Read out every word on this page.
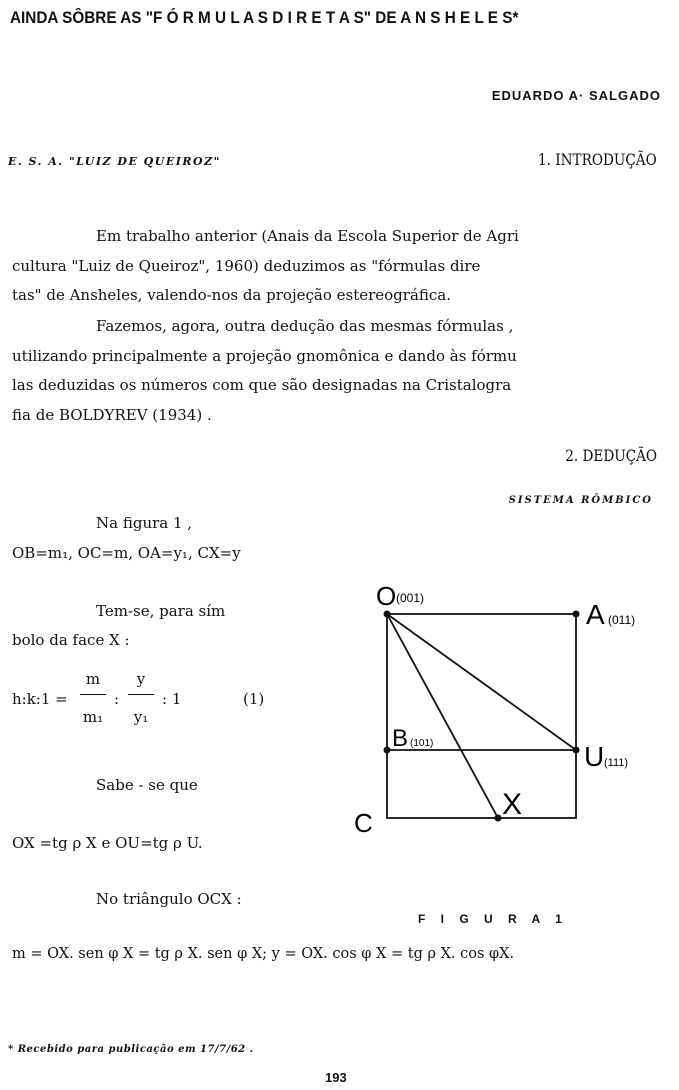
AINDA SÔBRE AS "F Ó R M U L A S D I R E T A S" DE A N S H E L E S*
EDUARDO A· SALGADO
E. S. A. "LUIZ DE QUEIROZ"	1. INTRODUÇÃO
Em trabalho anterior (Anais da Escola Superior de Agri
cultura "Luiz de Queiroz", 1960) deduzimos as "fórmulas dire
tas" de Ansheles, valendo-nos da projeção estereográfica.
Fazemos, agora, outra dedução das mesmas fórmulas ,
utilizando principalmente a projeção gnomônica e dando às fórmu
las deduzidas os números com que são designadas na Cristalogra
fia de BOLDYREV (1934) .
2. DEDUÇÃO
SISTEMA RÔMBICO
Na figura 1 ,
OB=m₁, OC=m, OA=y₁, CX=y
Tem-se, para sím
bolo da face X :
h:k:1 =
m
m₁
:
y
y₁
: 1	(1)
Sabe - se que
OX =tg ρ X e OU=tg ρ U.
No triângulo OCX :
O (001)
A (011)
B (101)	U (111)
C
X
F I G U R A 1
m = OX. sen φ X = tg ρ X. sen φ X; y = OX. cos φ X = tg ρ X. cos φX.
* Recebido para publicação em 17/7/62 .
193
